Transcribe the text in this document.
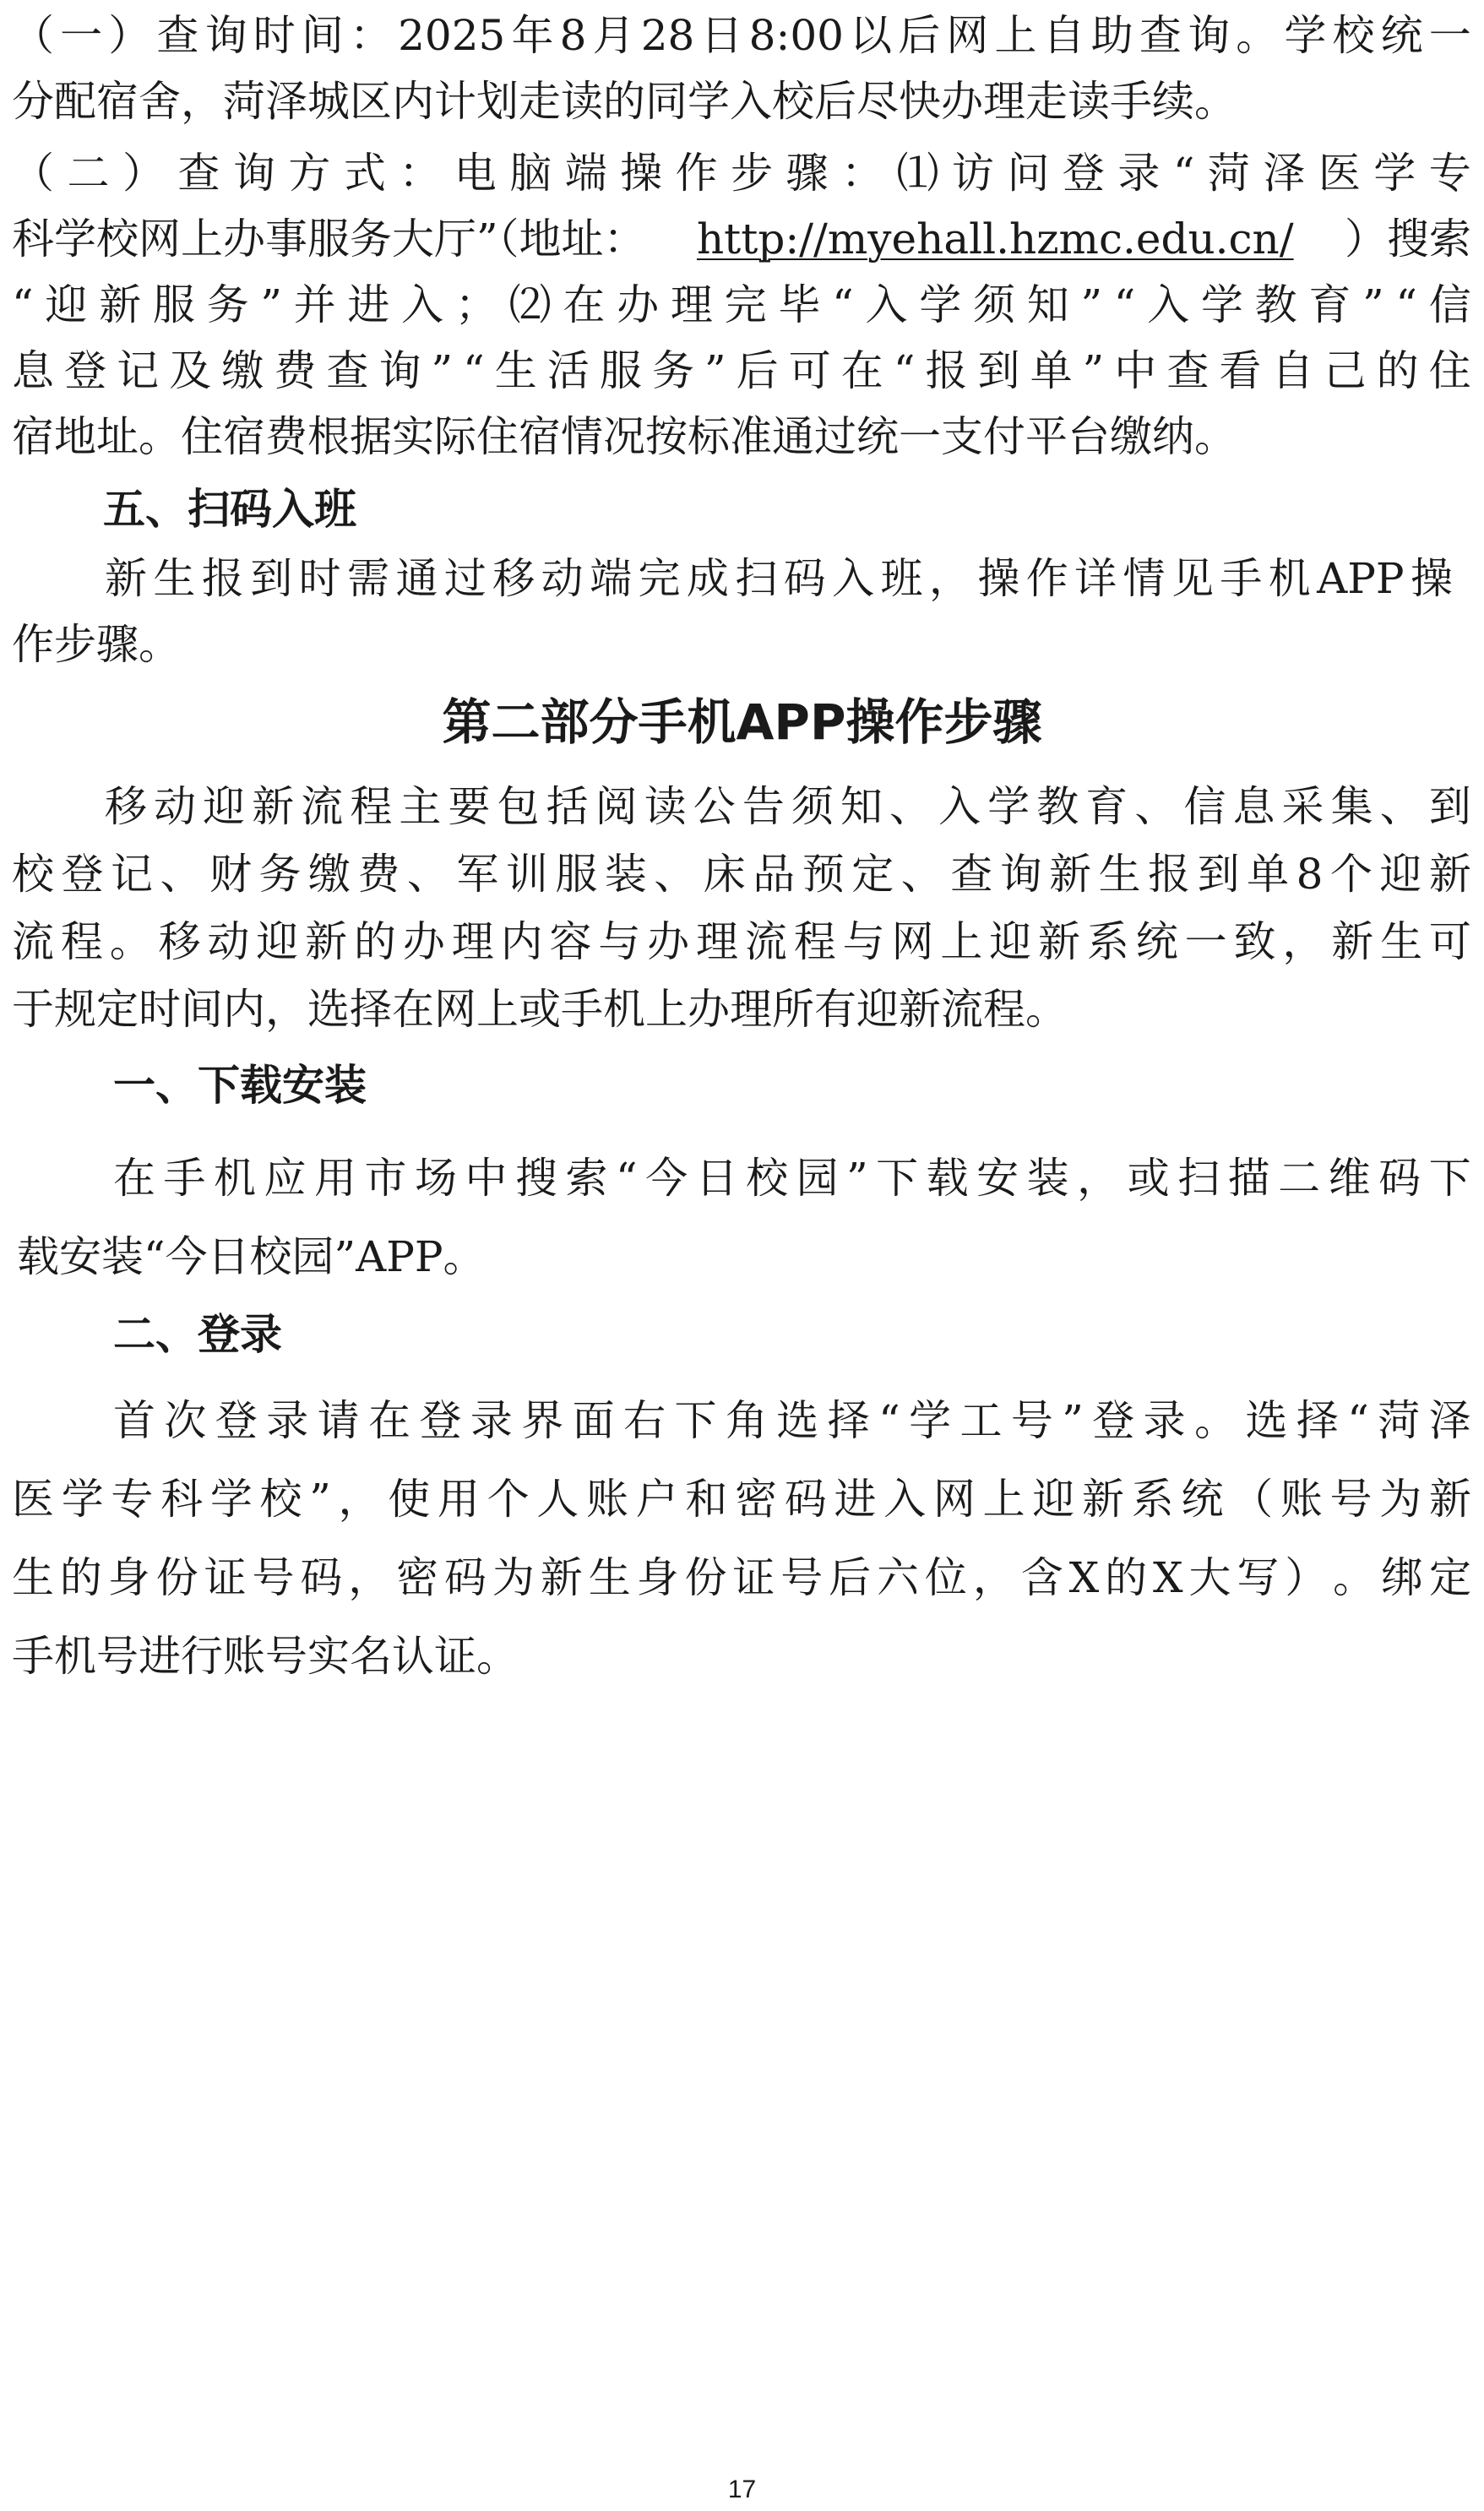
（ 一 ） 查 询 时 间 ： 2025 年 8 月 28 日 8:00 以 后 网 上 自 助 查 询 。 学 校 统 一
分配宿舍，菏泽城区内计划走读的同学入校后尽快办理走读手续。
（ 二 ） 查 询 方 式 ： 电 脑 端 操 作 步 骤 ： ⑴ 访 问 登 录 “ 菏 泽 医 学 专
科学校网上办事服务大厅”（地址： http://myehall.hzmc.edu.cn/ ）搜索
“ 迎 新 服 务 ” 并 进 入 ； ⑵ 在 办 理 完 毕 “ 入 学 须 知 ” “ 入 学 教 育 ” “ 信
息 登 记 及 缴 费 查 询 ” “ 生 活 服 务 ” 后 可 在 “ 报 到 单 ” 中 查 看 自 己 的 住
宿地址。住宿费根据实际住宿情况按标准通过统一支付平台缴纳。
五、扫码入班
新 生 报 到 时 需 通 过 移 动 端 完 成 扫 码 入 班 ， 操 作 详 情 见 手 机 APP 操
作步骤。
第二部分手机APP操作步骤
移 动 迎 新 流 程 主 要 包 括 阅 读 公 告 须 知 、 入 学 教 育 、 信 息 采 集 、 到
校 登 记 、 财 务 缴 费 、 军 训 服 装 、 床 品 预 定 、 查 询 新 生 报 到 单 8 个 迎 新
流 程 。 移 动 迎 新 的 办 理 内 容 与 办 理 流 程 与 网 上 迎 新 系 统 一 致 ， 新 生 可
于规定时间内，选择在网上或手机上办理所有迎新流程。
一、下载安装
在 手 机 应 用 市 场 中 搜 索 “ 今 日 校 园 ” 下 载 安 装 ， 或 扫 描 二 维 码 下
载安装“今日校园”APP。
二、登录
首 次 登 录 请 在 登 录 界 面 右 下 角 选 择 “ 学 工 号 ” 登 录 。 选 择 “ 菏 泽
医 学 专 科 学 校 ” ， 使 用 个 人 账 户 和 密 码 进 入 网 上 迎 新 系 统 （ 账 号 为 新
生 的 身 份 证 号 码 ， 密 码 为 新 生 身 份 证 号 后 六 位 ， 含 X 的 X 大 写 ） 。 绑 定
手机号进行账号实名认证。
17
